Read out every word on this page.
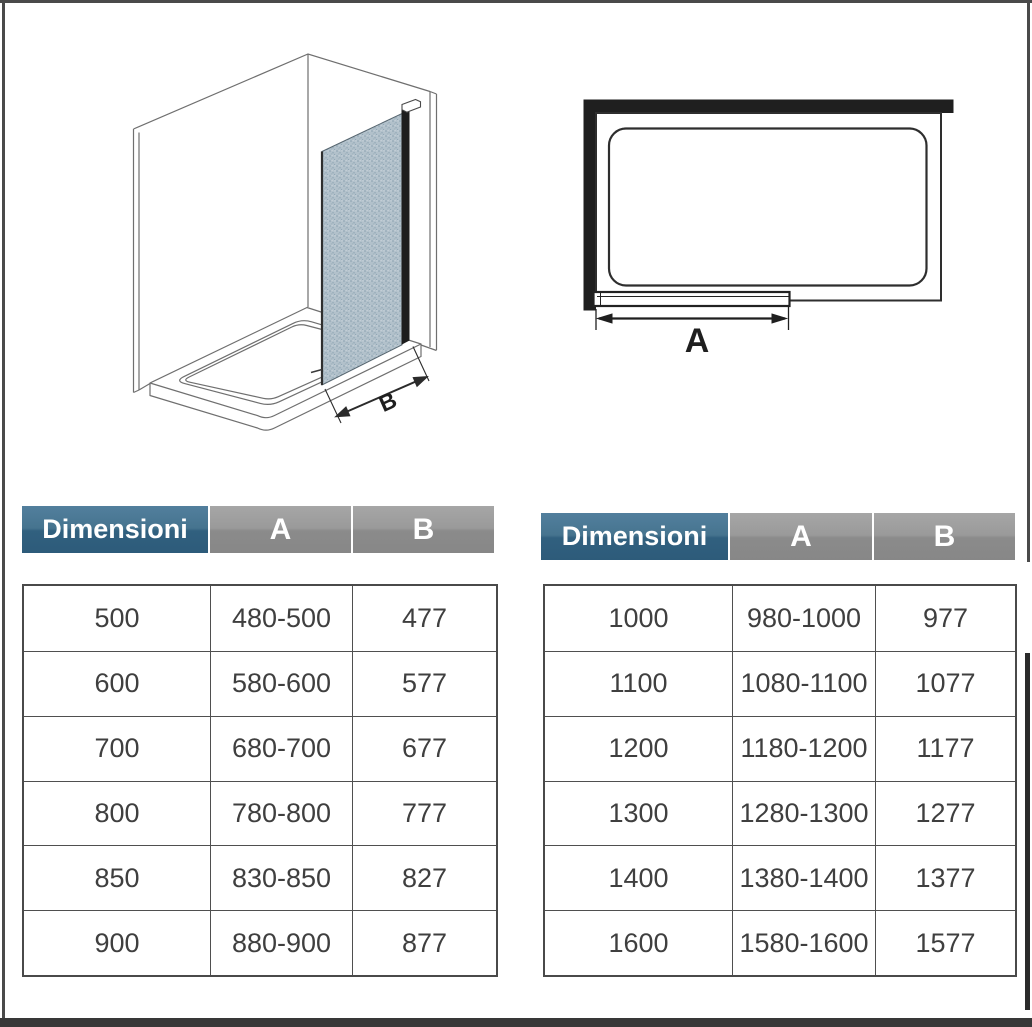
B
A
Dimensioni	A	B
500	480-500	477
600	580-600	577
700	680-700	677
800	780-800	777
850	830-850	827
900	880-900	877
Dimensioni	A	B
1000	980-1000	977
1100	1080-1100	1077
1200	1180-1200	1177
1300	1280-1300	1277
1400	1380-1400	1377
1600	1580-1600	1577
